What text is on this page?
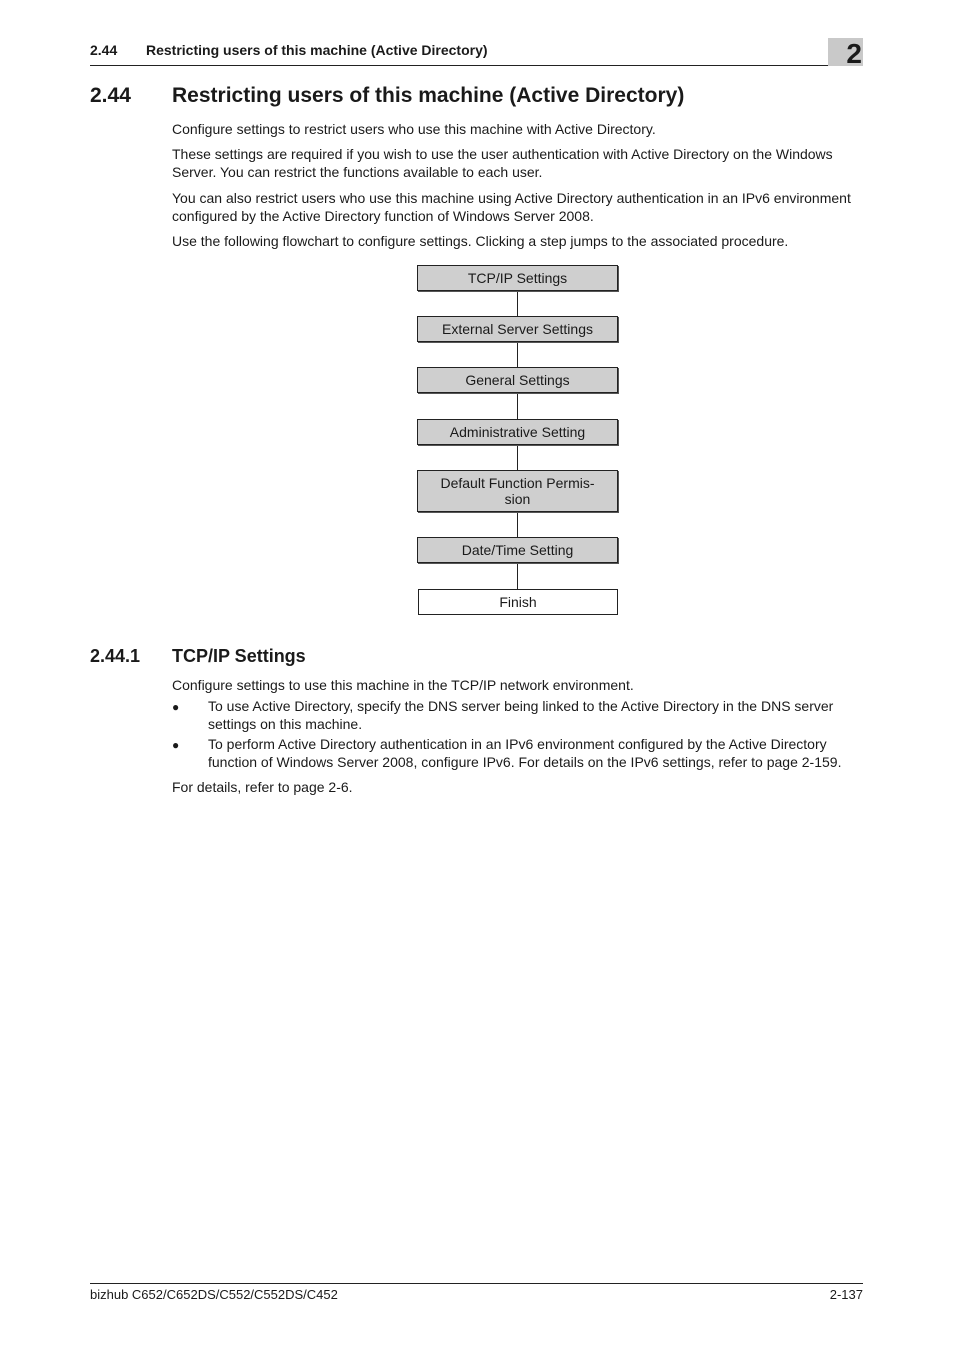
2.44 Restricting users of this machine (Active Directory)	2
2.44 Restricting users of this machine (Active Directory)
Configure settings to restrict users who use this machine with Active Directory.
These settings are required if you wish to use the user authentication with Active Directory on the Windows Server. You can restrict the functions available to each user.
You can also restrict users who use this machine using Active Directory authentication in an IPv6 environment configured by the Active Directory function of Windows Server 2008.
Use the following flowchart to configure settings. Clicking a step jumps to the associated procedure.
TCP/IP Settings
External Server Settings
General Settings
Administrative Setting
Default Function Permis- sion
Date/Time Setting
Finish
2.44.1 TCP/IP Settings
Configure settings to use this machine in the TCP/IP network environment.
● To use Active Directory, specify the DNS server being linked to the Active Directory in the DNS server settings on this machine.
● To perform Active Directory authentication in an IPv6 environment configured by the Active Directory function of Windows Server 2008, configure IPv6. For details on the IPv6 settings, refer to page 2-159.
For details, refer to page 2-6.
bizhub C652/C652DS/C552/C552DS/C452	2-137
